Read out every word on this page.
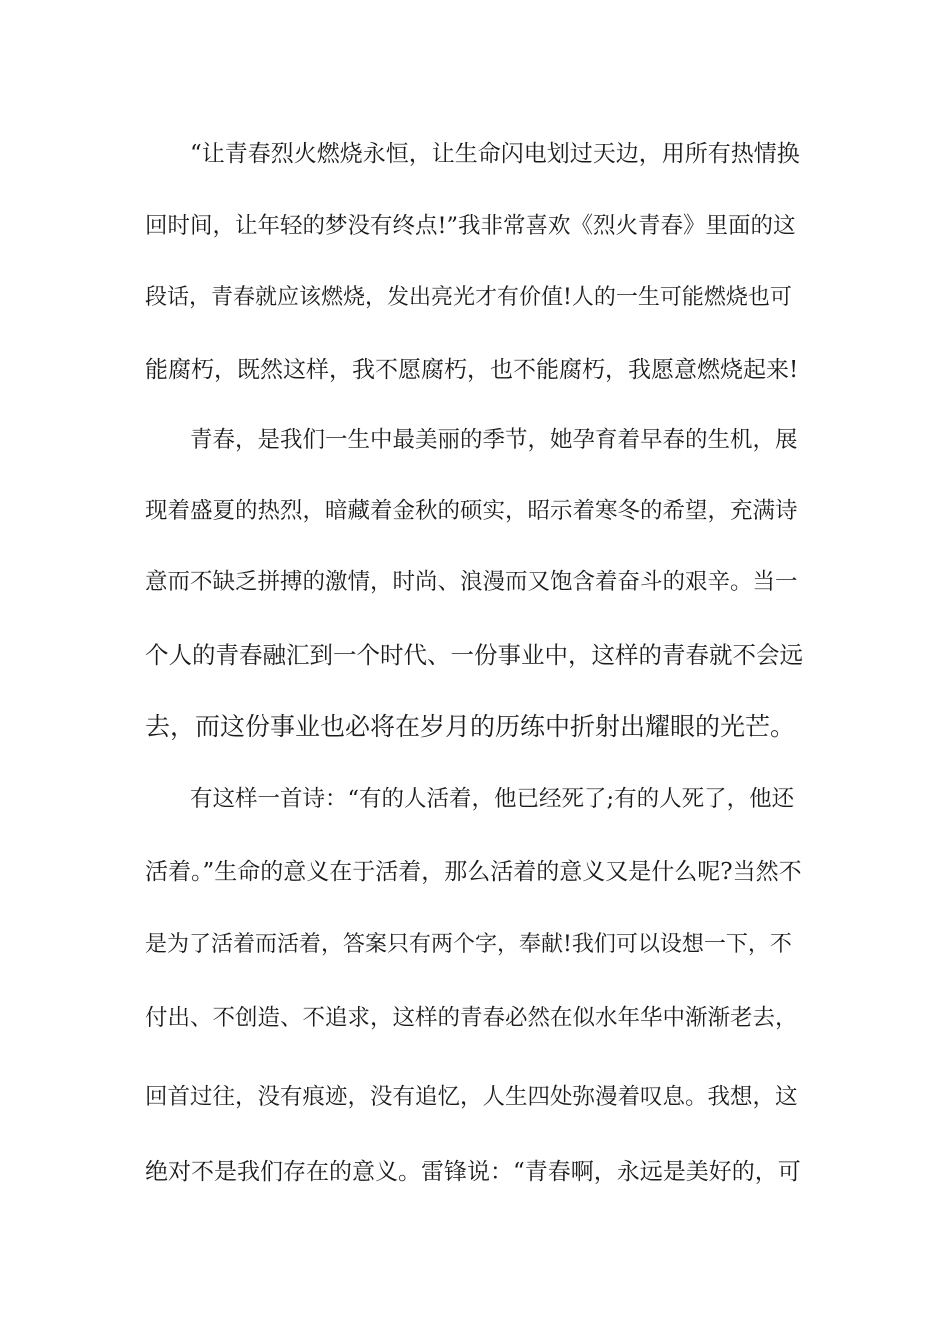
“让青春烈火燃烧永恒，让生命闪电划过天边，用所有热情换

回时间，让年轻的梦没有终点!”我非常喜欢《烈火青春》里面的这

段话，青春就应该燃烧，发出亮光才有价值!人的一生可能燃烧也可

能腐朽，既然这样，我不愿腐朽，也不能腐朽，我愿意燃烧起来!

青春，是我们一生中最美丽的季节，她孕育着早春的生机，展

现着盛夏的热烈，暗藏着金秋的硕实，昭示着寒冬的希望，充满诗

意而不缺乏拼搏的激情，时尚、浪漫而又饱含着奋斗的艰辛。当一

个人的青春融汇到一个时代、一份事业中，这样的青春就不会远

去，而这份事业也必将在岁月的历练中折射出耀眼的光芒。

有这样一首诗：“有的人活着，他已经死了;有的人死了，他还

活着。”生命的意义在于活着，那么活着的意义又是什么呢?当然不

是为了活着而活着，答案只有两个字，奉献!我们可以设想一下，不

付出、不创造、不追求，这样的青春必然在似水年华中渐渐老去，

回首过往，没有痕迹，没有追忆，人生四处弥漫着叹息。我想，这

绝对不是我们存在的意义。雷锋说：“青春啊，永远是美好的，可
